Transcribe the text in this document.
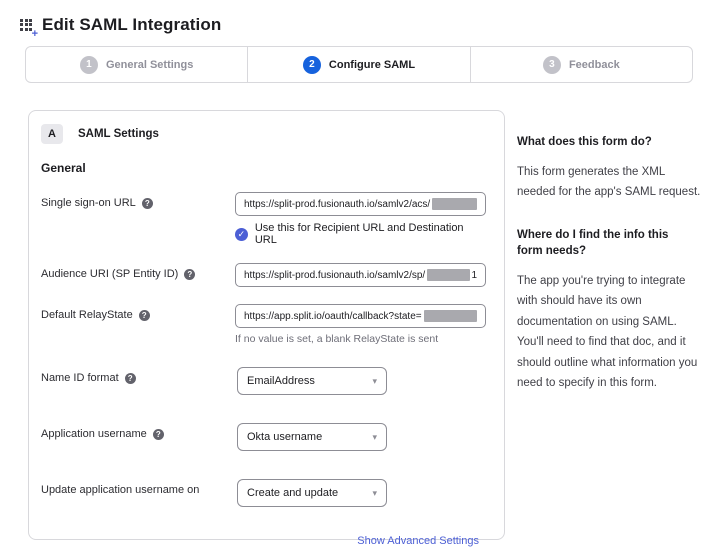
+ Edit SAML Integration
1	General Settings	2	Configure SAML	3	Feedback
A	SAML Settings
General
Single sign-on URL	?	https://split-prod.fusionauth.io/samlv2/acs/
✓ Use this for Recipient URL and Destination URL
Audience URI (SP Entity ID)	?	https://split-prod.fusionauth.io/samlv2/sp/	1
Default RelayState	?	https://app.split.io/oauth/callback?state=
If no value is set, a blank RelayState is sent
Name ID format	?	EmailAddress	▾
Application username	?	Okta username	▾
Update application username on	Create and update	▾
Show Advanced Settings
What does this form do?

This form generates the XML needed for the app's SAML request.

Where do I find the info this form needs?

The app you're trying to integrate with should have its own documentation on using SAML. You'll need to find that doc, and it should outline what information you need to specify in this form.
